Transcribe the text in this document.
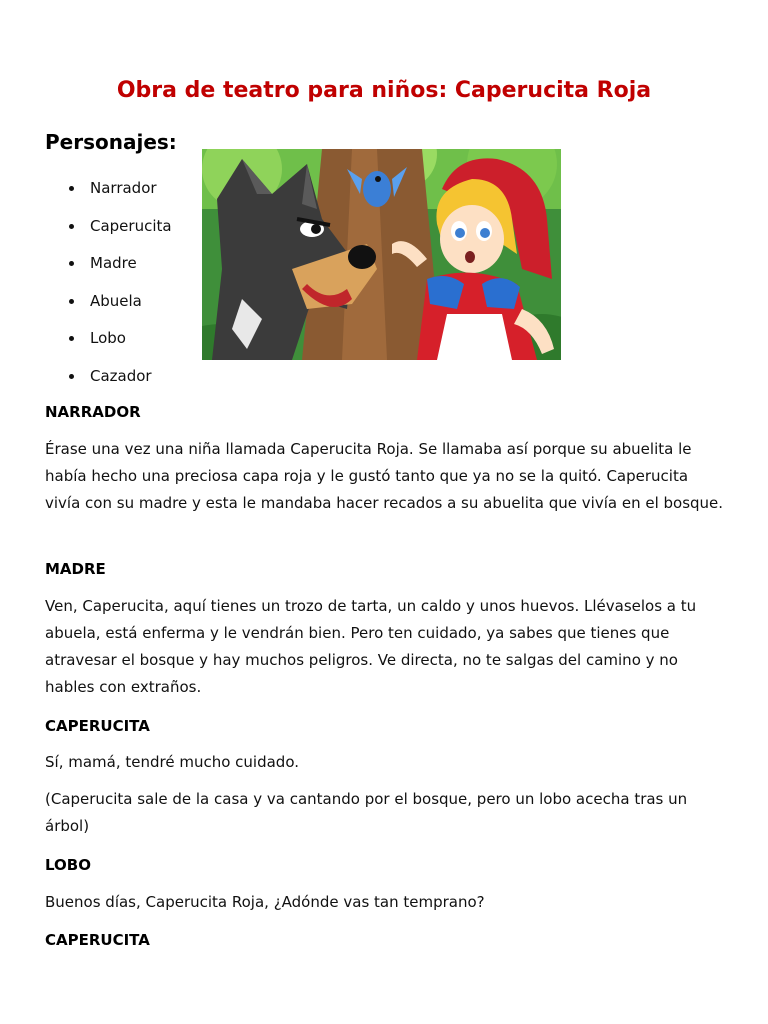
Obra de teatro para niños: Caperucita Roja
Personajes:
Narrador
Caperucita
Madre
Abuela
Lobo
Cazador

NARRADOR

Érase una vez una niña llamada Caperucita Roja. Se llamaba así porque su abuelita le había hecho una preciosa capa roja y le gustó tanto que ya no se la quitó. Caperucita vivía con su madre y esta le mandaba hacer recados a su abuelita que vivía en el bosque.

MADRE

Ven, Caperucita, aquí tienes un trozo de tarta, un caldo y unos huevos. Llévaselos a tu abuela, está enferma y le vendrán bien. Pero ten cuidado, ya sabes que tienes que atravesar el bosque y hay muchos peligros. Ve directa, no te salgas del camino y no hables con extraños.

CAPERUCITA

Sí, mamá, tendré mucho cuidado.

(Caperucita sale de la casa y va cantando por el bosque, pero un lobo acecha tras un árbol)

LOBO

Buenos días, Caperucita Roja, ¿Adónde vas tan temprano?

CAPERUCITA
